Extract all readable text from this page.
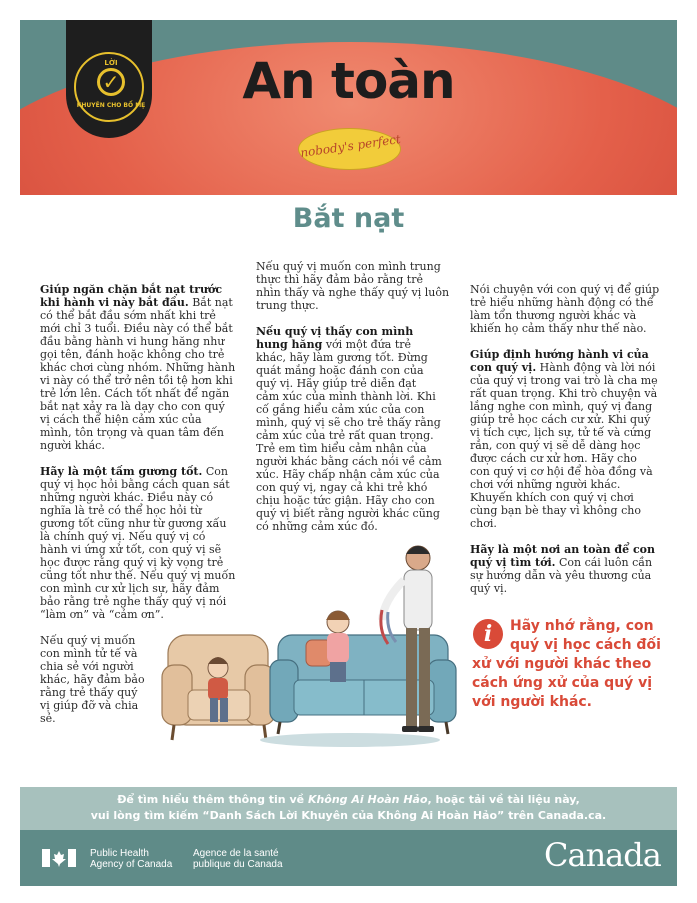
An toàn
LỜI
✓
KHUYÊN CHO BỐ MẸ
nobody's perfect
Bắt nạt

Giúp ngăn chặn bắt nạt trước khi hành vi này bắt đầu. Bắt nạt có thể bắt đầu sớm nhất khi trẻ mới chỉ 3 tuổi. Điều này có thể bắt đầu bằng hành vi hung hăng như gọi tên, đánh hoặc không cho trẻ khác chơi cùng nhóm. Những hành vi này có thể trở nên tồi tệ hơn khi trẻ lớn lên. Cách tốt nhất để ngăn bắt nạt xảy ra là dạy cho con quý vị cách thể hiện cảm xúc của mình, tôn trọng và quan tâm đến người khác.

Hãy là một tấm gương tốt. Con quý vị học hỏi bằng cách quan sát những người khác. Điều này có nghĩa là trẻ có thể học hỏi từ gương tốt cũng như từ gương xấu là chính quý vị. Nếu quý vị có hành vi ứng xử tốt, con quý vị sẽ học được rằng quý vị kỳ vọng trẻ cũng tốt như thế. Nếu quý vị muốn con mình cư xử lịch sự, hãy đảm bảo rằng trẻ nghe thấy quý vị nói “làm ơn” và “cảm ơn”.

Nếu quý vị muốn con mình tử tế và chia sẻ với người khác, hãy đảm bảo rằng trẻ thấy quý vị giúp đỡ và chia sẻ.

Nếu quý vị muốn con mình trung thực thì hãy đảm bảo rằng trẻ nhìn thấy và nghe thấy quý vị luôn trung thực.

Nếu quý vị thấy con mình hung hăng với một đứa trẻ khác, hãy làm gương tốt. Đừng quát mắng hoặc đánh con của quý vị. Hãy giúp trẻ diễn đạt cảm xúc của mình thành lời. Khi cố gắng hiểu cảm xúc của con mình, quý vị sẽ cho trẻ thấy rằng cảm xúc của trẻ rất quan trọng. Trẻ em tìm hiểu cảm nhận của người khác bằng cách nói về cảm xúc. Hãy chấp nhận cảm xúc của con quý vị, ngay cả khi trẻ khó chịu hoặc tức giận. Hãy cho con quý vị biết rằng người khác cũng có những cảm xúc đó.

Nói chuyện với con quý vị để giúp trẻ hiểu những hành động có thể làm tổn thương người khác và khiến họ cảm thấy như thế nào.

Giúp định hướng hành vi của con quý vị. Hành động và lời nói của quý vị trong vai trò là cha mẹ rất quan trọng. Khi trò chuyện và lắng nghe con mình, quý vị đang giúp trẻ học cách cư xử. Khi quý vị tích cực, lịch sự, tử tế và cứng rắn, con quý vị sẽ dễ dàng học được cách cư xử hơn. Hãy cho con quý vị cơ hội để hòa đồng và chơi với những người khác. Khuyến khích con quý vị chơi cùng bạn bè thay vì không cho chơi.

Hãy là một nơi an toàn để con quý vị tìm tới. Con cái luôn cần sự hướng dẫn và yêu thương của quý vị.

i	Hãy nhớ rằng, con
quý vị học cách đối
xử với người khác theo
cách ứng xử của quý vị
với người khác.
Để tìm hiểu thêm thông tin về Không Ai Hoàn Hảo, hoặc tải về tài liệu này,
vui lòng tìm kiếm “Danh Sách Lời Khuyên của Không Ai Hoàn Hảo” trên Canada.ca.
Public Health
Agency of Canada
Agence de la santé
publique du Canada	Canada
